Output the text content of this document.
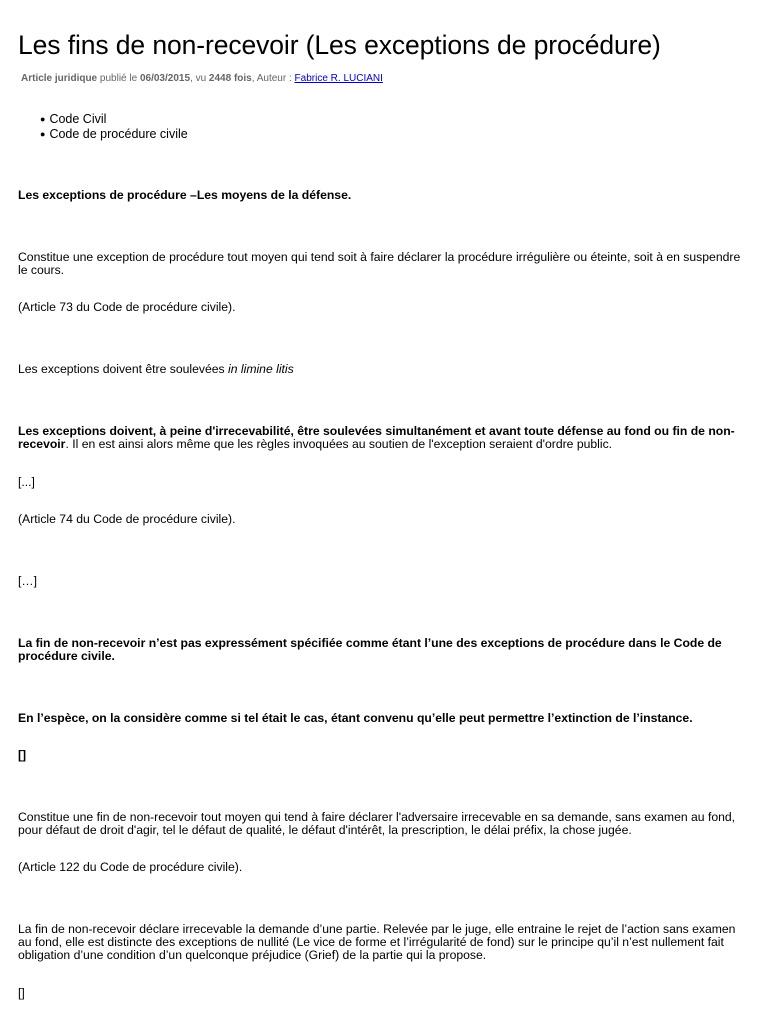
Les fins de non-recevoir (Les exceptions de procédure)

Article juridique publié le 06/03/2015, vu 2448 fois, Auteur : Fabrice R. LUCIANI

● Code Civil
● Code de procédure civile

Les exceptions de procédure –Les moyens de la défense.

Constitue une exception de procédure tout moyen qui tend soit à faire déclarer la procédure irrégulière ou éteinte, soit à en suspendre le cours.

(Article 73 du Code de procédure civile).

Les exceptions doivent être soulevées in limine litis

Les exceptions doivent, à peine d'irrecevabilité, être soulevées simultanément et avant toute défense au fond ou fin de non-recevoir. Il en est ainsi alors même que les règles invoquées au soutien de l'exception seraient d'ordre public.

[...]

(Article 74 du Code de procédure civile).

[…]

La fin de non-recevoir n’est pas expressément spécifiée comme étant l’une des exceptions de procédure dans le Code de procédure civile.

En l’espèce, on la considère comme si tel était le cas, étant convenu qu’elle peut permettre l’extinction de l’instance.

[]

Constitue une fin de non-recevoir tout moyen qui tend à faire déclarer l'adversaire irrecevable en sa demande, sans examen au fond, pour défaut de droit d'agir, tel le défaut de qualité, le défaut d'intérêt, la prescription, le délai préfix, la chose jugée.

(Article 122 du Code de procédure civile).

La fin de non-recevoir déclare irrecevable la demande d’une partie. Relevée par le juge, elle entraine le rejet de l’action sans examen au fond, elle est distincte des exceptions de nullité (Le vice de forme et l’irrégularité de fond) sur le principe qu’il n’est nullement fait obligation d’une condition d’un quelconque préjudice (Grief) de la partie qui la propose.

[]
